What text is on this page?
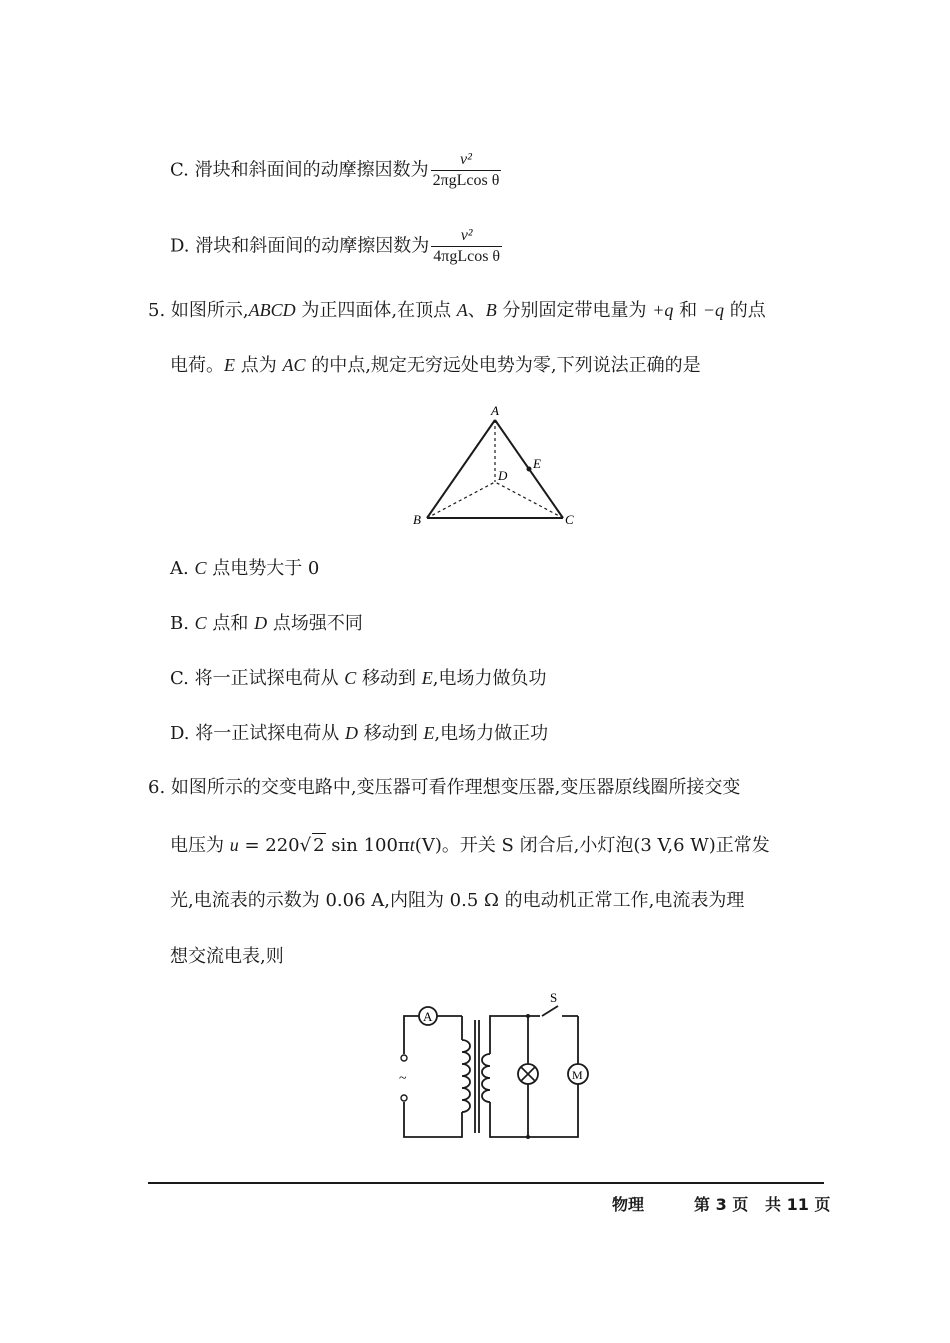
C. 滑块和斜面间的动摩擦因数为 $\frac{\text{v²}}{\text{2πgLcos θ}}$
D. 滑块和斜面间的动摩擦因数为 $\frac{\text{v²}}{\text{4πgLcos θ}}$
5. 如图所示,ABCD 为正四面体,在顶点 A、B 分别固定带电量为 +q 和 −q 的点
电荷。E 点为 AC 的中点,规定无穷远处电势为零,下列说法正确的是
A
B	C
D
E
A. C 点电势大于 0
B. C 点和 D 点场强不同
C. 将一正试探电荷从 C 移动到 E,电场力做负功
D. 将一正试探电荷从 D 移动到 E,电场力做正功
6. 如图所示的交变电路中,变压器可看作理想变压器,变压器原线圈所接交变
电压为 u = 220√ 2 sin 100πt(V)。开关 S 闭合后,小灯泡(3 V,6 W)正常发
光,电流表的示数为 0.06 A,内阻为 0.5 Ω 的电动机正常工作,电流表为理
想交流电表,则
A
~
S
M
物理	第 3 页 共 11 页
